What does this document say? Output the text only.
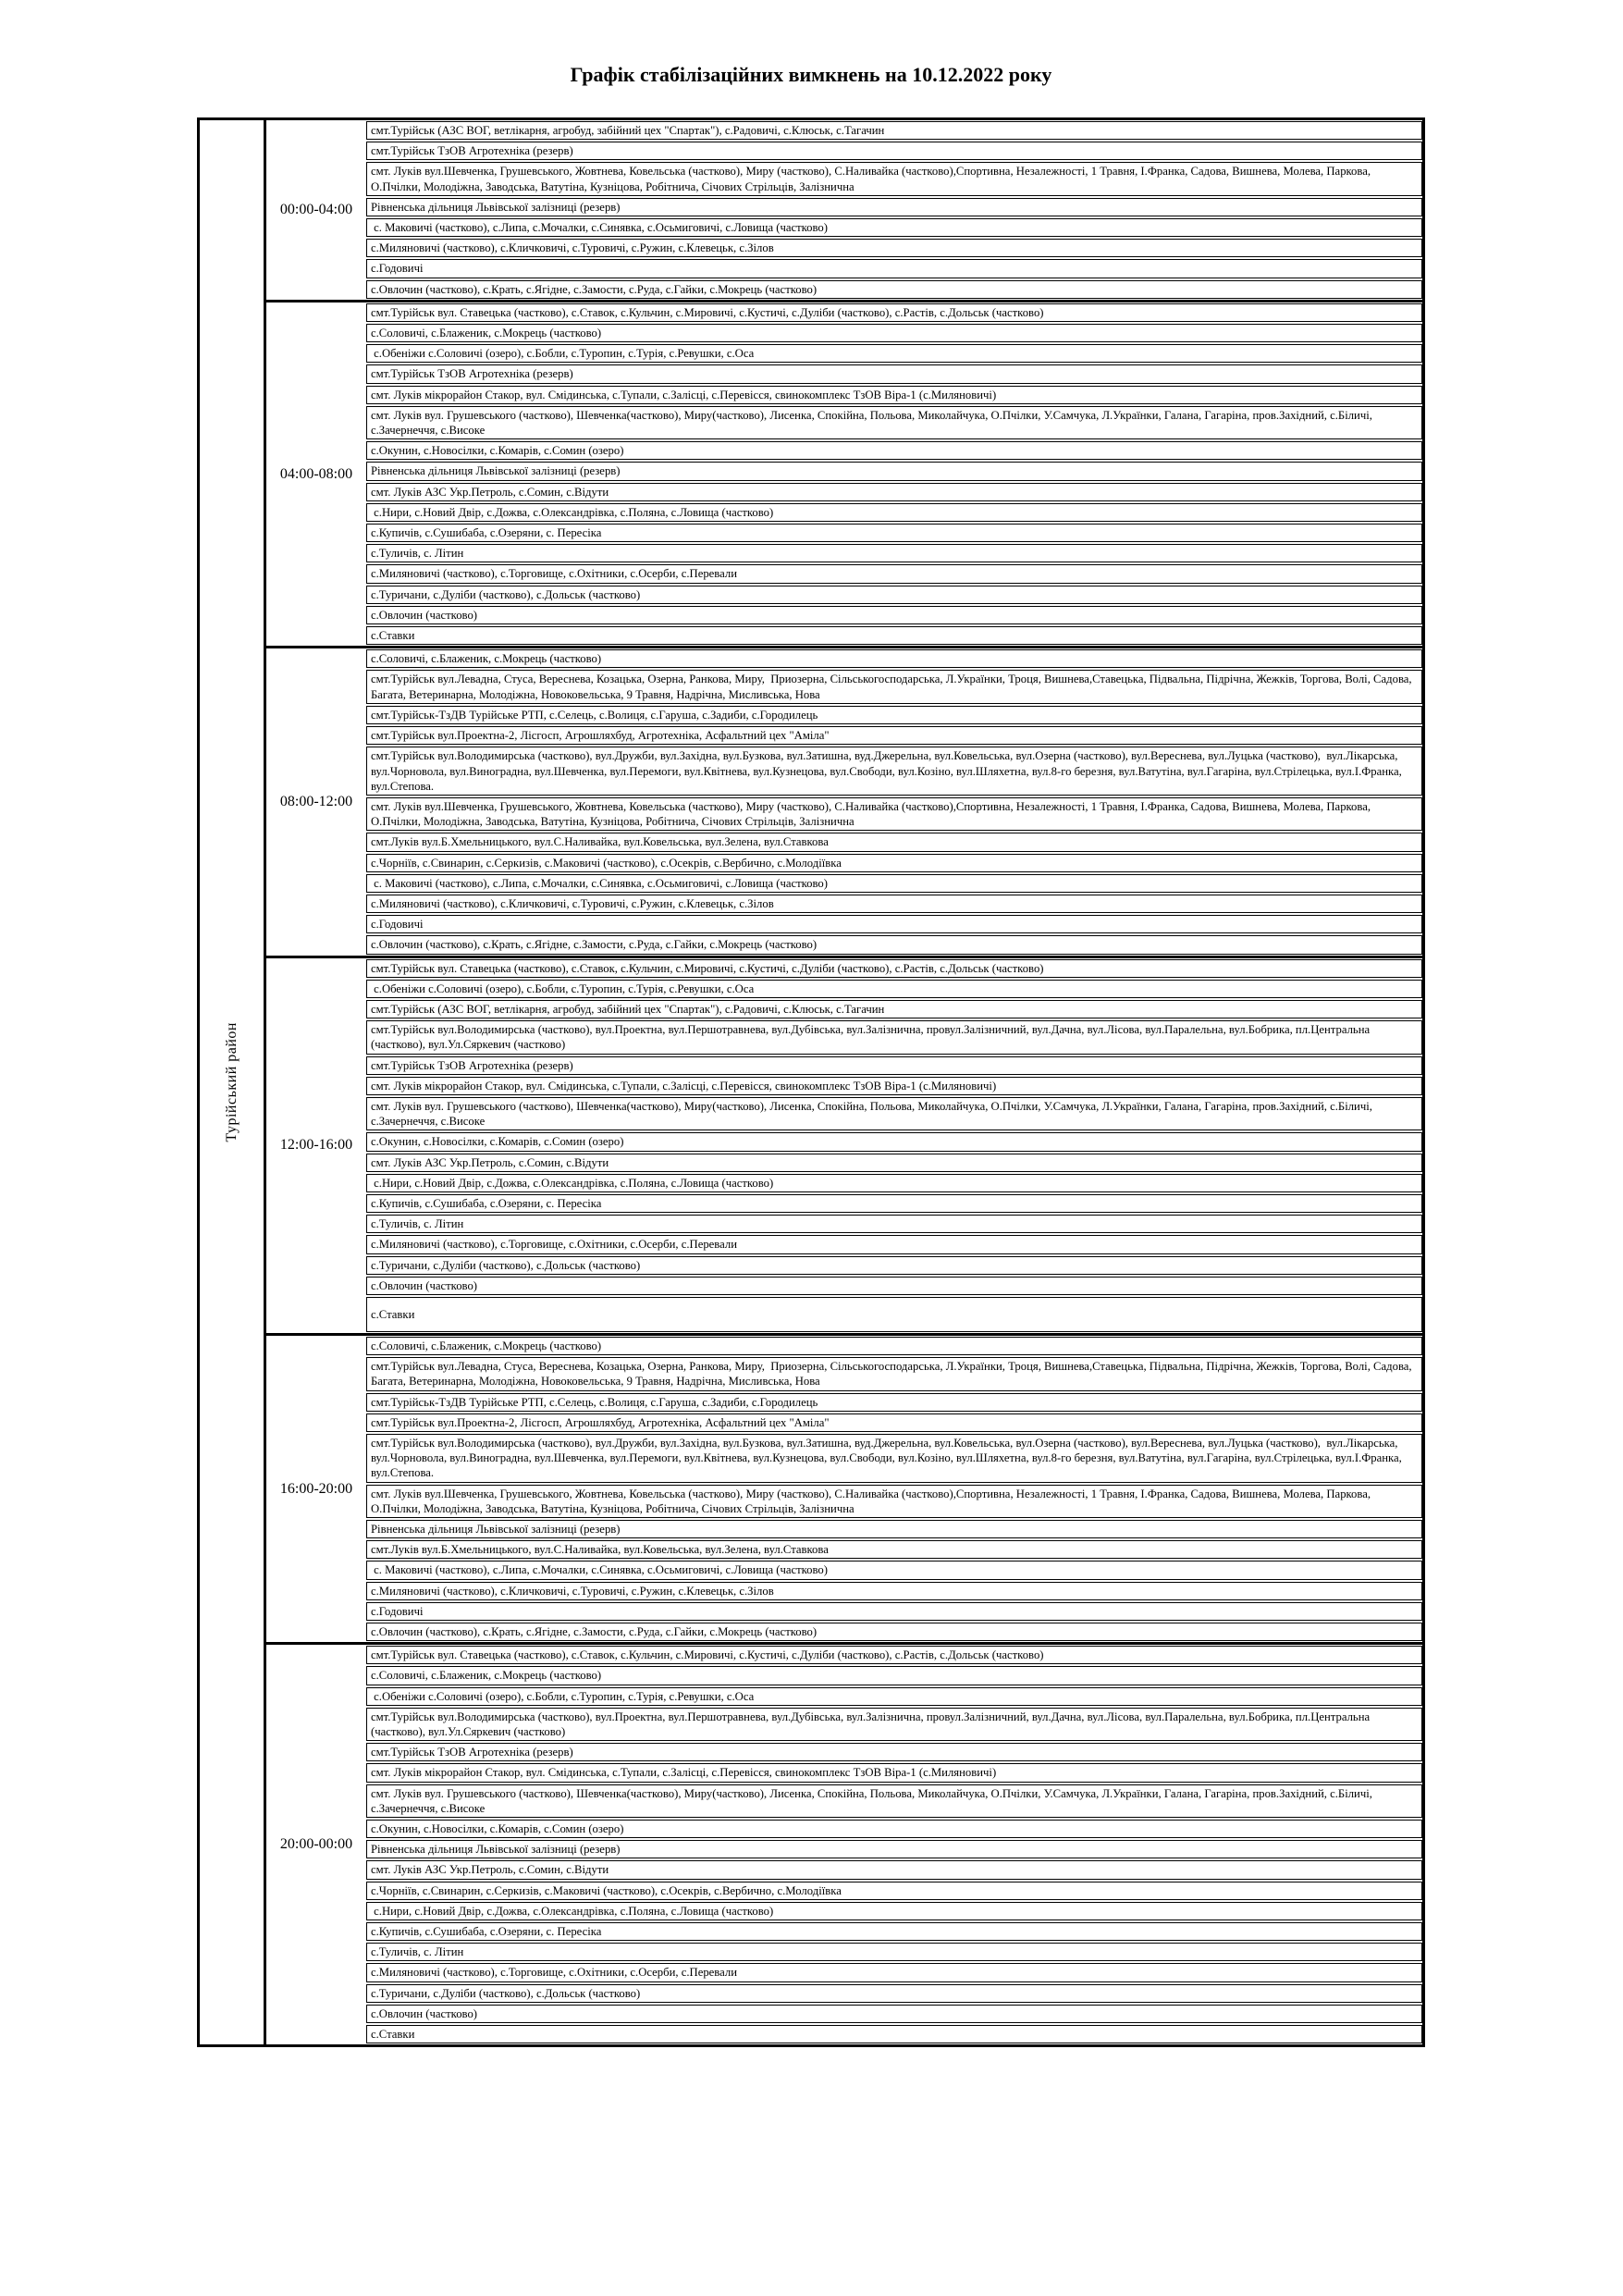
Графік стабілізаційних вимкнень на 10.12.2022 року
Турійський район
00:00-04:00
смт.Турійськ (АЗС ВОГ, ветлікарня, агробуд, забійний цех "Спартак"), с.Радовичі, с.Клюськ, с.Тагачин
смт.Турійськ ТзОВ Агротехніка (резерв)
смт. Луків вул.Шевченка, Грушевського, Жовтнева, Ковельська (частково), Миру (частково), С.Наливайка (частково),Спортивна, Незалежності, 1 Травня, І.Франка, Садова, Вишнева, Молева, Паркова, О.Пчілки, Молодіжна, Заводська, Ватутіна, Кузніцова, Робітнича, Січових Стрільців, Залізнична
Рівненська дільниця Львівської залізниці (резерв)
с. Маковичі (частково), с.Липа, с.Мочалки, с.Синявка, с.Осьмиговичі, с.Ловища (частково)
с.Миляновичі (частково), с.Кличковичі, с.Туровичі, с.Ружин, с.Клевецьк, с.Зілов
с.Годовичі
с.Овлочин (частково), с.Крать, с.Ягідне, с.Замости, с.Руда, с.Гайки, с.Мокрець (частково)
04:00-08:00
смт.Турійськ вул. Ставецька (частково), с.Ставок, с.Кульчин, с.Мировичі, с.Кустичі, с.Дуліби (частково), с.Растів, с.Дольськ (частково)
с.Соловичі, с.Блаженик, с.Мокрець (частково)
с.Обеніжи с.Соловичі (озеро), с.Бобли, с.Туропин, с.Турія, с.Ревушки, с.Оса
смт.Турійськ ТзОВ Агротехніка (резерв)
смт. Луків мікрорайон Стакор, вул. Смідинська, с.Тупали, с.Залісці, с.Перевісся, свинокомплекс ТзОВ Віра-1 (с.Миляновичі)
смт. Луків вул. Грушевського (частково), Шевченка(частково), Миру(частково), Лисенка, Спокійна, Польова, Миколайчука, О.Пчілки, У.Самчука, Л.Українки, Галана, Гагаріна, пров.Західний, с.Біличі, с.Зачернеччя, с.Високе
с.Окунин, с.Новосілки, с.Комарів, с.Сомин (озеро)
Рівненська дільниця Львівської залізниці (резерв)
смт. Луків АЗС Укр.Петроль, с.Сомин, с.Відути
с.Нири, с.Новий Двір, с.Дожва, с.Олександрівка, с.Поляна, с.Ловища (частково)
с.Купичів, с.Сушибаба, с.Озеряни, с. Пересіка
с.Туличів, с. Літин
с.Миляновичі (частково), с.Торговище, с.Охітники, с.Осерби, с.Перевали
с.Туричани, с.Дуліби (частково), с.Дольськ (частково)
с.Овлочин (частково)
с.Ставки
08:00-12:00
с.Соловичі, с.Блаженик, с.Мокрець (частково)
смт.Турійськ вул.Левадна, Стуса, Вереснева, Козацька, Озерна, Ранкова, Миру,  Приозерна, Сільськогосподарська, Л.Українки, Троця, Вишнева,Ставецька, Підвальна, Підрічна, Жежків, Торгова, Волі, Садова, Багата, Ветеринарна, Молодіжна, Новоковельська, 9 Травня, Надрічна, Мисливська, Нова
смт.Турійськ-ТзДВ Турійське РТП, с.Селець, с.Волиця, с.Гаруша, с.Задиби, с.Городилець
смт.Турійськ вул.Проектна-2, Лісгосп, Агрошляхбуд, Агротехніка, Асфальтний цех "Аміла"
смт.Турійськ вул.Володимирська (частково), вул.Дружби, вул.Західна, вул.Бузкова, вул.Затишна, вуд.Джерельна, вул.Ковельська, вул.Озерна (частково), вул.Вереснева, вул.Луцька (частково),  вул.Лікарська, вул.Чорновола, вул.Виноградна, вул.Шевченка, вул.Перемоги, вул.Квітнева, вул.Кузнецова, вул.Свободи, вул.Козіно, вул.Шляхетна, вул.8-го березня, вул.Ватутіна, вул.Гагаріна, вул.Стрілецька, вул.І.Франка, вул.Степова.
смт. Луків вул.Шевченка, Грушевського, Жовтнева, Ковельська (частково), Миру (частково), С.Наливайка (частково),Спортивна, Незалежності, 1 Травня, І.Франка, Садова, Вишнева, Молева, Паркова, О.Пчілки, Молодіжна, Заводська, Ватутіна, Кузніцова, Робітнича, Січових Стрільців, Залізнична
смт.Луків вул.Б.Хмельницького, вул.С.Наливайка, вул.Ковельська, вул.Зелена, вул.Ставкова
с.Чорніїв, с.Свинарин, с.Серкизів, с.Маковичі (частково), с.Осекрів, с.Вербично, с.Молодіївка
с. Маковичі (частково), с.Липа, с.Мочалки, с.Синявка, с.Осьмиговичі, с.Ловища (частково)
с.Миляновичі (частково), с.Кличковичі, с.Туровичі, с.Ружин, с.Клевецьк, с.Зілов
с.Годовичі
с.Овлочин (частково), с.Крать, с.Ягідне, с.Замости, с.Руда, с.Гайки, с.Мокрець (частково)
12:00-16:00
смт.Турійськ вул. Ставецька (частково), с.Ставок, с.Кульчин, с.Мировичі, с.Кустичі, с.Дуліби (частково), с.Растів, с.Дольськ (частково)
с.Обеніжи с.Соловичі (озеро), с.Бобли, с.Туропин, с.Турія, с.Ревушки, с.Оса
смт.Турійськ (АЗС ВОГ, ветлікарня, агробуд, забійний цех "Спартак"), с.Радовичі, с.Клюськ, с.Тагачин
смт.Турійськ вул.Володимирська (частково), вул.Проектна, вул.Першотравнева, вул.Дубівська, вул.Залізнична, провул.Залізничний, вул.Дачна, вул.Лісова, вул.Паралельна, вул.Бобрика, пл.Центральна (частково), вул.Ул.Сяркевич (частково)
смт.Турійськ ТзОВ Агротехніка (резерв)
смт. Луків мікрорайон Стакор, вул. Смідинська, с.Тупали, с.Залісці, с.Перевісся, свинокомплекс ТзОВ Віра-1 (с.Миляновичі)
смт. Луків вул. Грушевського (частково), Шевченка(частково), Миру(частково), Лисенка, Спокійна, Польова, Миколайчука, О.Пчілки, У.Самчука, Л.Українки, Галана, Гагаріна, пров.Західний, с.Біличі, с.Зачернеччя, с.Високе
с.Окунин, с.Новосілки, с.Комарів, с.Сомин (озеро)
смт. Луків АЗС Укр.Петроль, с.Сомин, с.Відути
с.Нири, с.Новий Двір, с.Дожва, с.Олександрівка, с.Поляна, с.Ловища (частково)
с.Купичів, с.Сушибаба, с.Озеряни, с. Пересіка
с.Туличів, с. Літин
с.Миляновичі (частково), с.Торговище, с.Охітники, с.Осерби, с.Перевали
с.Туричани, с.Дуліби (частково), с.Дольськ (частково)
с.Овлочин (частково)
с.Ставки
16:00-20:00
с.Соловичі, с.Блаженик, с.Мокрець (частково)
смт.Турійськ вул.Левадна, Стуса, Вереснева, Козацька, Озерна, Ранкова, Миру,  Приозерна, Сільськогосподарська, Л.Українки, Троця, Вишнева,Ставецька, Підвальна, Підрічна, Жежків, Торгова, Волі, Садова, Багата, Ветеринарна, Молодіжна, Новоковельська, 9 Травня, Надрічна, Мисливська, Нова
смт.Турійськ-ТзДВ Турійське РТП, с.Селець, с.Волиця, с.Гаруша, с.Задиби, с.Городилець
смт.Турійськ вул.Проектна-2, Лісгосп, Агрошляхбуд, Агротехніка, Асфальтний цех "Аміла"
смт.Турійськ вул.Володимирська (частково), вул.Дружби, вул.Західна, вул.Бузкова, вул.Затишна, вуд.Джерельна, вул.Ковельська, вул.Озерна (частково), вул.Вереснева, вул.Луцька (частково),  вул.Лікарська, вул.Чорновола, вул.Виноградна, вул.Шевченка, вул.Перемоги, вул.Квітнева, вул.Кузнецова, вул.Свободи, вул.Козіно, вул.Шляхетна, вул.8-го березня, вул.Ватутіна, вул.Гагаріна, вул.Стрілецька, вул.І.Франка, вул.Степова.
смт. Луків вул.Шевченка, Грушевського, Жовтнева, Ковельська (частково), Миру (частково), С.Наливайка (частково),Спортивна, Незалежності, 1 Травня, І.Франка, Садова, Вишнева, Молева, Паркова, О.Пчілки, Молодіжна, Заводська, Ватутіна, Кузніцова, Робітнича, Січових Стрільців, Залізнична
Рівненська дільниця Львівської залізниці (резерв)
смт.Луків вул.Б.Хмельницького, вул.С.Наливайка, вул.Ковельська, вул.Зелена, вул.Ставкова
с. Маковичі (частково), с.Липа, с.Мочалки, с.Синявка, с.Осьмиговичі, с.Ловища (частково)
с.Миляновичі (частково), с.Кличковичі, с.Туровичі, с.Ружин, с.Клевецьк, с.Зілов
с.Годовичі
с.Овлочин (частково), с.Крать, с.Ягідне, с.Замости, с.Руда, с.Гайки, с.Мокрець (частково)
20:00-00:00
смт.Турійськ вул. Ставецька (частково), с.Ставок, с.Кульчин, с.Мировичі, с.Кустичі, с.Дуліби (частково), с.Растів, с.Дольськ (частково)
с.Соловичі, с.Блаженик, с.Мокрець (частково)
с.Обеніжи с.Соловичі (озеро), с.Бобли, с.Туропин, с.Турія, с.Ревушки, с.Оса
смт.Турійськ вул.Володимирська (частково), вул.Проектна, вул.Першотравнева, вул.Дубівська, вул.Залізнична, провул.Залізничний, вул.Дачна, вул.Лісова, вул.Паралельна, вул.Бобрика, пл.Центральна (частково), вул.Ул.Сяркевич (частково)
смт.Турійськ ТзОВ Агротехніка (резерв)
смт. Луків мікрорайон Стакор, вул. Смідинська, с.Тупали, с.Залісці, с.Перевісся, свинокомплекс ТзОВ Віра-1 (с.Миляновичі)
смт. Луків вул. Грушевського (частково), Шевченка(частково), Миру(частково), Лисенка, Спокійна, Польова, Миколайчука, О.Пчілки, У.Самчука, Л.Українки, Галана, Гагаріна, пров.Західний, с.Біличі, с.Зачернеччя, с.Високе
с.Окунин, с.Новосілки, с.Комарів, с.Сомин (озеро)
Рівненська дільниця Львівської залізниці (резерв)
смт. Луків АЗС Укр.Петроль, с.Сомин, с.Відути
с.Чорніїв, с.Свинарин, с.Серкизів, с.Маковичі (частково), с.Осекрів, с.Вербично, с.Молодіївка
с.Нири, с.Новий Двір, с.Дожва, с.Олександрівка, с.Поляна, с.Ловища (частково)
с.Купичів, с.Сушибаба, с.Озеряни, с. Пересіка
с.Туличів, с. Літин
с.Миляновичі (частково), с.Торговище, с.Охітники, с.Осерби, с.Перевали
с.Туричани, с.Дуліби (частково), с.Дольськ (частково)
с.Овлочин (частково)
с.Ставки
